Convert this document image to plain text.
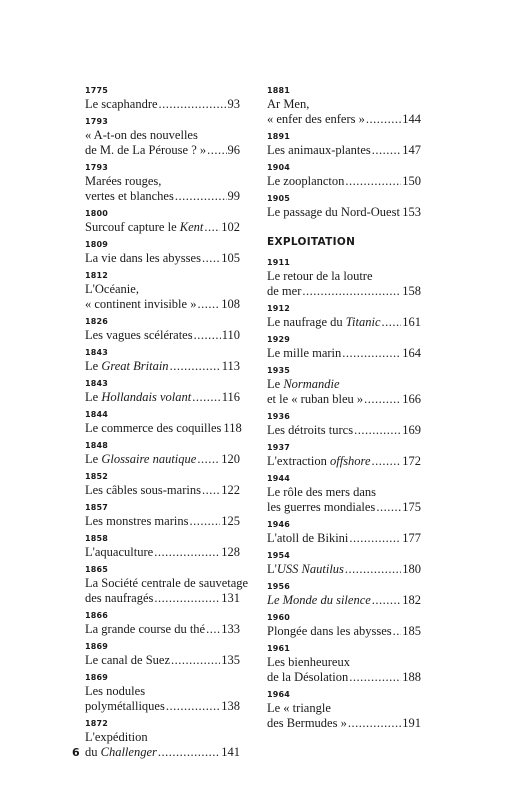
1775
Le scaphandre .....	93
1793
« A-t-on des nouvelles
de M. de La Pérouse ? » ..... 96
1793
Marées rouges,
vertes et blanches .....	99
1800
Surcouf capture le Kent ..... 102
1809
La vie dans les abysses ..... 105
1812
L'Océanie,
« continent invisible » ..... 108
1826
Les vagues scélérates ..... 110
1843
Le Great Britain .....	113
1843
Le Hollandais volant ..... 116
1844
Le commerce des coquilles 118
1848
Le Glossaire nautique ..... 120
1852
Les câbles sous-marins ..... 122
1857
Les monstres marins .....	125
1858
L'aquaculture .....	128
1865
La Société centrale de sauvetage
des naufragés .....	131
1866
La grande course du thé ..... 133
1869
Le canal de Suez .....	135
1869
Les nodules
polymétalliques .....	138
1872
L'expédition
du Challenger .....	141
1881
Ar Men,
« enfer des enfers » .....	144
1891
Les animaux-plantes .....	147
1904
Le zooplancton .....	150
1905
Le passage du Nord-Ouest ..... 153
EXPLOITATION
1911
Le retour de la loutre
de mer .....	158
1912
Le naufrage du Titanic ..... 161
1929
Le mille marin .....	164
1935
Le Normandie
et le « ruban bleu » .....	166
1936
Les détroits turcs .....	169
1937
L'extraction offshore .....	172
1944
Le rôle des mers dans
les guerres mondiales ..... 175
1946
L'atoll de Bikini .....	177
1954
L'USS Nautilus .....	180
1956
Le Monde du silence .....	182
1960
Plongée dans les abysses ..... 185
1961
Les bienheureux
de la Désolation .....	188
1964
Le « triangle
des Bermudes » .....	191
6
